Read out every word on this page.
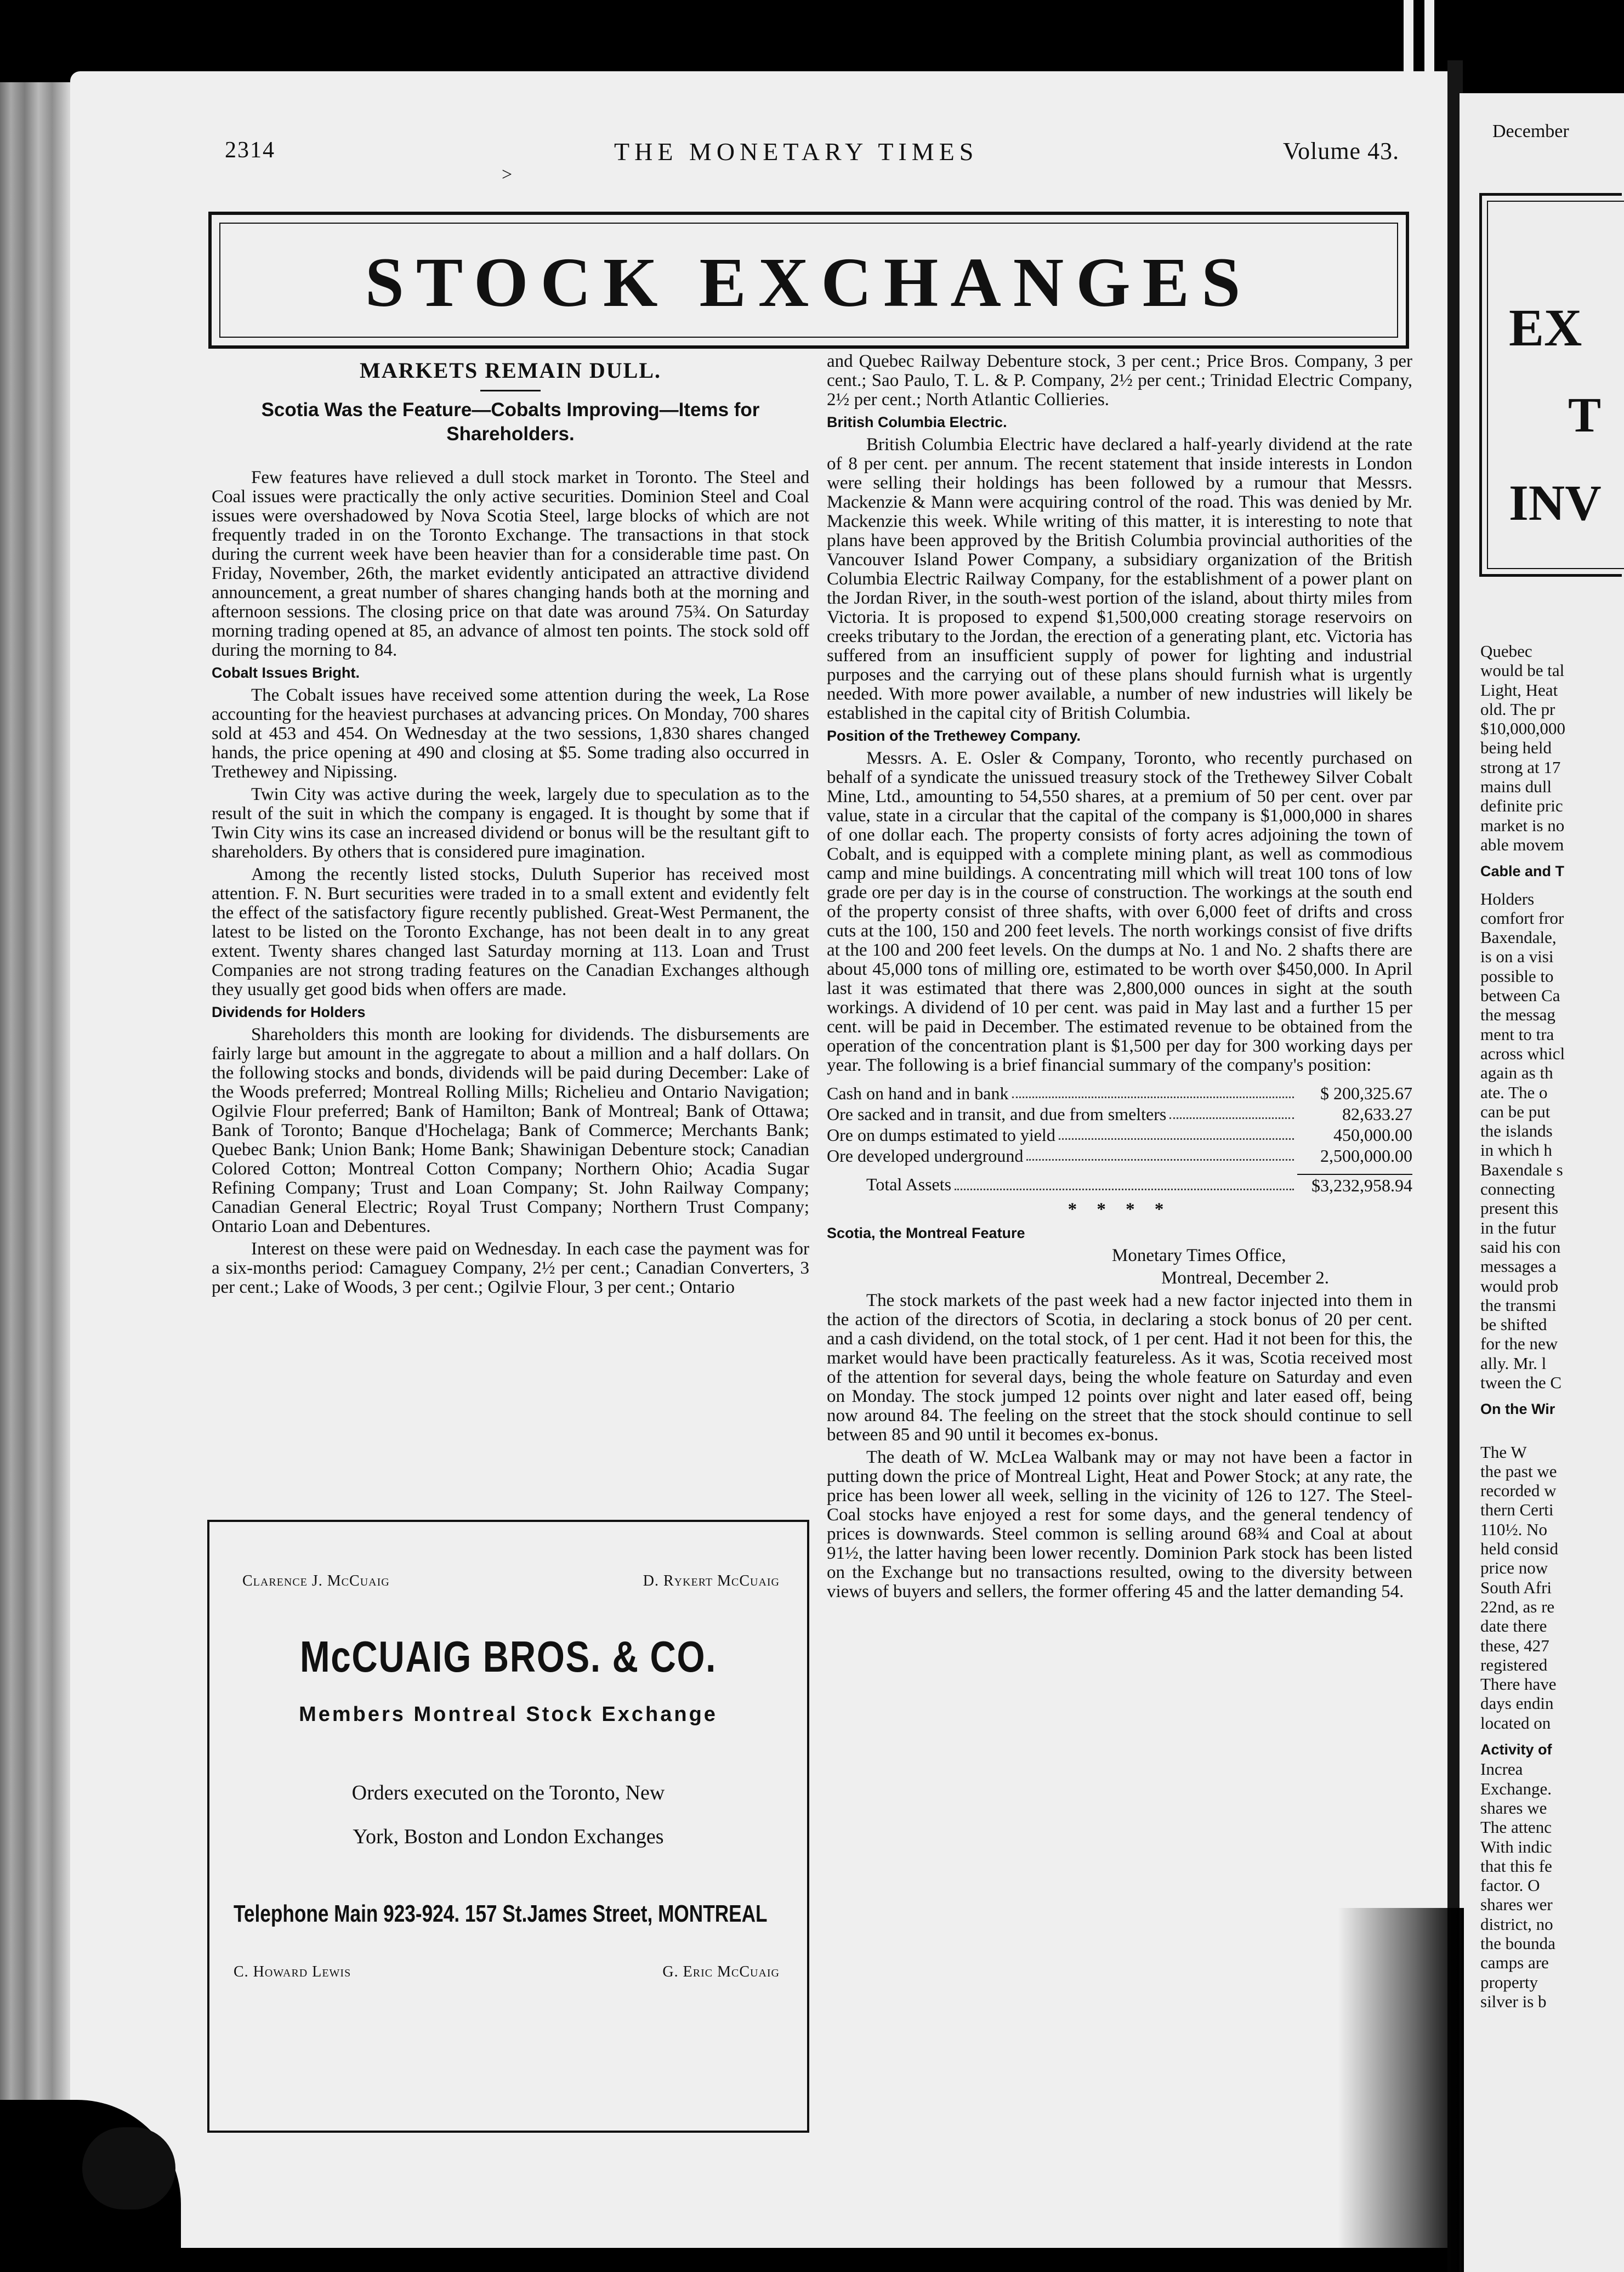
2314	THE MONETARY TIMES	Volume 43.
>
STOCK EXCHANGES
MARKETS REMAIN DULL.
Scotia Was the Feature—Cobalts Improving—Items for Shareholders.

Few features have relieved a dull stock market in Toronto. The Steel and Coal issues were practically the only active securities. Dominion Steel and Coal issues were overshadowed by Nova Scotia Steel, large blocks of which are not frequently traded in on the Toronto Exchange. The transactions in that stock during the current week have been heavier than for a considerable time past. On Friday, November, 26th, the market evidently anticipated an attractive dividend announcement, a great number of shares changing hands both at the morning and afternoon sessions. The closing price on that date was around 75¾. On Saturday morning trading opened at 85, an advance of almost ten points. The stock sold off during the morning to 84.

Cobalt Issues Bright.

The Cobalt issues have received some attention during the week, La Rose accounting for the heaviest purchases at advancing prices. On Monday, 700 shares sold at 453 and 454. On Wednesday at the two sessions, 1,830 shares changed hands, the price opening at 490 and closing at $5. Some trading also occurred in Trethewey and Nipissing.

Twin City was active during the week, largely due to speculation as to the result of the suit in which the company is engaged. It is thought by some that if Twin City wins its case an increased dividend or bonus will be the resultant gift to shareholders. By others that is considered pure imagination.

Among the recently listed stocks, Duluth Superior has received most attention. F. N. Burt securities were traded in to a small extent and evidently felt the effect of the satisfactory figure recently published. Great-West Permanent, the latest to be listed on the Toronto Exchange, has not been dealt in to any great extent. Twenty shares changed last Saturday morning at 113. Loan and Trust Companies are not strong trading features on the Canadian Exchanges although they usually get good bids when offers are made.

Dividends for Holders

Shareholders this month are looking for dividends. The disbursements are fairly large but amount in the aggregate to about a million and a half dollars. On the following stocks and bonds, dividends will be paid during December: Lake of the Woods preferred; Montreal Rolling Mills; Richelieu and Ontario Navigation; Ogilvie Flour preferred; Bank of Hamilton; Bank of Montreal; Bank of Ottawa; Bank of Toronto; Banque d'Hochelaga; Bank of Commerce; Merchants Bank; Quebec Bank; Union Bank; Home Bank; Shawinigan Debenture stock; Canadian Colored Cotton; Montreal Cotton Company; Northern Ohio; Acadia Sugar Refining Company; Trust and Loan Company; St. John Railway Company; Canadian General Electric; Royal Trust Company; Northern Trust Company; Ontario Loan and Debentures.

Interest on these were paid on Wednesday. In each case the payment was for a six-months period: Camaguey Company, 2½ per cent.; Canadian Converters, 3 per cent.; Lake of Woods, 3 per cent.; Ogilvie Flour, 3 per cent.; Ontario

and Quebec Railway Debenture stock, 3 per cent.; Price Bros. Company, 3 per cent.; Sao Paulo, T. L. & P. Company, 2½ per cent.; Trinidad Electric Company, 2½ per cent.; North Atlantic Collieries.

British Columbia Electric.

British Columbia Electric have declared a half-yearly dividend at the rate of 8 per cent. per annum. The recent statement that inside interests in London were selling their holdings has been followed by a rumour that Messrs. Mackenzie & Mann were acquiring control of the road. This was denied by Mr. Mackenzie this week. While writing of this matter, it is interesting to note that plans have been approved by the British Columbia provincial authorities of the Vancouver Island Power Company, a subsidiary organization of the British Columbia Electric Railway Company, for the establishment of a power plant on the Jordan River, in the south-west portion of the island, about thirty miles from Victoria. It is proposed to expend $1,500,000 creating storage reservoirs on creeks tributary to the Jordan, the erection of a generating plant, etc. Victoria has suffered from an insufficient supply of power for lighting and industrial purposes and the carrying out of these plans should furnish what is urgently needed. With more power available, a number of new industries will likely be established in the capital city of British Columbia.

Position of the Trethewey Company.

Messrs. A. E. Osler & Company, Toronto, who recently purchased on behalf of a syndicate the unissued treasury stock of the Trethewey Silver Cobalt Mine, Ltd., amounting to 54,550 shares, at a premium of 50 per cent. over par value, state in a circular that the capital of the company is $1,000,000 in shares of one dollar each. The property consists of forty acres adjoining the town of Cobalt, and is equipped with a complete mining plant, as well as commodious camp and mine buildings. A concentrating mill which will treat 100 tons of low grade ore per day is in the course of construction. The workings at the south end of the property consist of three shafts, with over 6,000 feet of drifts and cross cuts at the 100, 150 and 200 feet levels. The north workings consist of five drifts at the 100 and 200 feet levels. On the dumps at No. 1 and No. 2 shafts there are about 45,000 tons of milling ore, estimated to be worth over $450,000. In April last it was estimated that there was 2,800,000 ounces in sight at the south workings. A dividend of 10 per cent. was paid in May last and a further 15 per cent. will be paid in December. The estimated revenue to be obtained from the operation of the concentration plant is $1,500 per day for 300 working days per year. The following is a brief financial summary of the company's position:

Cash on hand and in bank	$ 200,325.67
Ore sacked and in transit, and due from smelters	82,633.27
Ore on dumps estimated to yield	450,000.00
Ore developed underground	2,500,000.00
Total Assets	$3,232,958.94
* * * *

Scotia, the Montreal Feature

Monetary Times Office,

Montreal, December 2.

The stock markets of the past week had a new factor injected into them in the action of the directors of Scotia, in declaring a stock bonus of 20 per cent. and a cash dividend, on the total stock, of 1 per cent. Had it not been for this, the market would have been practically featureless. As it was, Scotia received most of the attention for several days, being the whole feature on Saturday and even on Monday. The stock jumped 12 points over night and later eased off, being now around 84. The feeling on the street that the stock should continue to sell between 85 and 90 until it becomes ex-bonus.

The death of W. McLea Walbank may or may not have been a factor in putting down the price of Montreal Light, Heat and Power Stock; at any rate, the price has been lower all week, selling in the vicinity of 126 to 127. The Steel-Coal stocks have enjoyed a rest for some days, and the general tendency of prices is downwards. Steel common is selling around 68¾ and Coal at about 91½, the latter having been lower recently. Dominion Park stock has been listed on the Exchange but no transactions resulted, owing to the diversity between views of buyers and sellers, the former offering 45 and the latter demanding 54.

Clarence J. McCuaig	D. Rykert McCuaig
McCUAIG BROS. & CO.
Members Montreal Stock Exchange
Orders executed on the Toronto, New
York, Boston and London Exchanges
Telephone Main 923-924. 157 St.James Street, MONTREAL
C. Howard Lewis	G. Eric McCuaig
December
EX
T
INV
Quebec
would be tal
Light, Heat
old. The pr
$10,000,000
being held
strong at 17
mains dull
definite pric
market is no
able movem
Cable and T
Holders
comfort fror
Baxendale,
is on a visi
possible to
between Ca
the messag
ment to tra
across whicl
again as th
ate. The o
can be put
the islands
in which h
Baxendale s
connecting
present this
in the futur
said his con
messages a
would prob
the transmi
be shifted
for the new
ally. Mr. l
tween the C
On the Wir
The W
the past we
recorded w
thern Certi
110½. No
held consid
price now
South Afri
22nd, as re
date there
these, 427
registered
There have
days endin
located on
Activity of
Increa
Exchange.
shares we
The attenc
With indic
that this fe
factor. O
shares wer
district, no
the bounda
camps are
property
silver is b
